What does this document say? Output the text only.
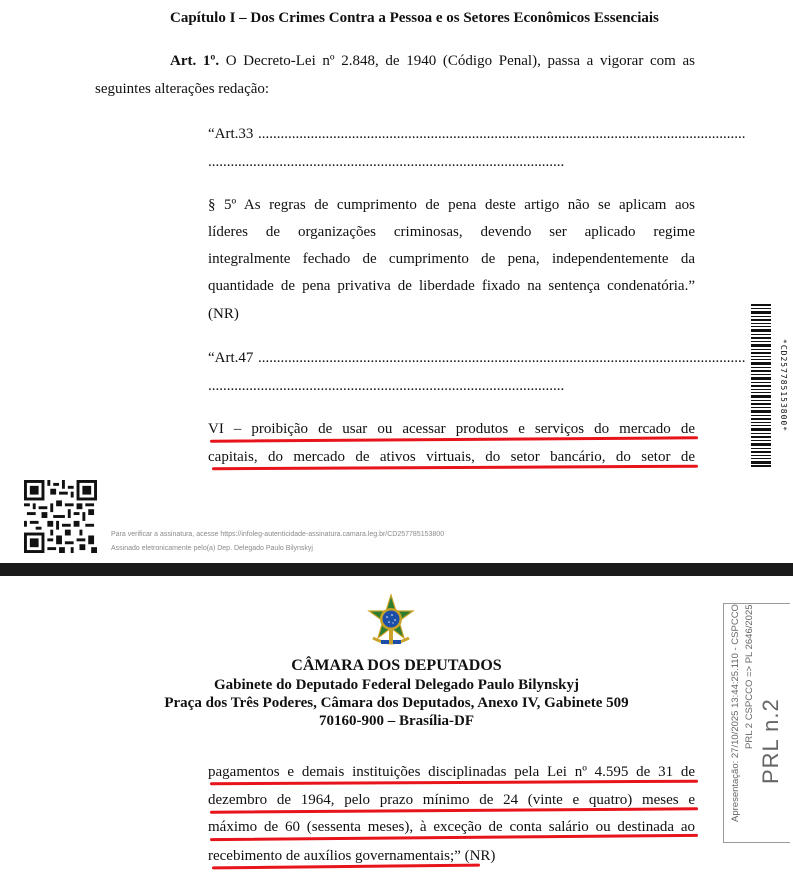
Capítulo I – Dos Crimes Contra a Pessoa e os Setores Econômicos Essenciais
Art. 1º. O Decreto-Lei nº 2.848, de 1940 (Código Penal), passa a vigorar com as
seguintes alterações redação:
“Art.33 ..................................................................................................................................
...............................................................................................
§ 5º As regras de cumprimento de pena deste artigo não se aplicam aos
líderes de organizações criminosas, devendo ser aplicado regime
integralmente fechado de cumprimento de pena, independentemente da
quantidade de pena privativa de liberdade fixado na sentença condenatória.”
(NR)
“Art.47 ..................................................................................................................................
...............................................................................................
VI – proibição de usar ou acessar produtos e serviços do mercado de
capitais, do mercado de ativos virtuais, do setor bancário, do setor de
Para verificar a assinatura, acesse https://infoleg-autenticidade-assinatura.camara.leg.br/CD257785153800
Assinado eletronicamente pelo(a) Dep. Delegado Paulo Bilynskyj
*CD257785153800*
CÂMARA DOS DEPUTADOS
Gabinete do Deputado Federal Delegado Paulo Bilynskyj
Praça dos Três Poderes, Câmara dos Deputados, Anexo IV, Gabinete 509
70160-900 – Brasília-DF
pagamentos e demais instituições disciplinadas pela Lei nº 4.595 de 31 de
dezembro de 1964, pelo prazo mínimo de 24 (vinte e quatro) meses e
máximo de 60 (sessenta meses), à exceção de conta salário ou destinada ao
recebimento de auxílios governamentais;” (NR)
Apresentação: 27/10/2025 13:44:25.110 - CSPCCO PRL 2 CSPCCO => PL 2646/2025 PRL n.2
